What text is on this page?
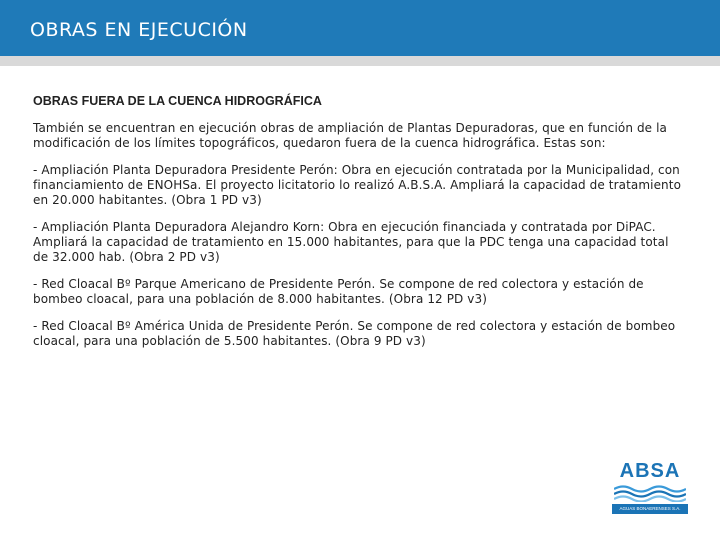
OBRAS EN EJECUCIÓN
OBRAS FUERA DE LA CUENCA HIDROGRÁFICA

También se encuentran en ejecución obras de ampliación de Plantas Depuradoras, que en función de la modificación de los límites topográficos, quedaron fuera de la cuenca hidrográfica. Estas son:

- Ampliación Planta Depuradora Presidente Perón: Obra en ejecución contratada por la Municipalidad, con financiamiento de ENOHSa. El proyecto licitatorio lo realizó A.B.S.A. Ampliará la capacidad de tratamiento en 20.000 habitantes. (Obra 1 PD v3)

- Ampliación Planta Depuradora Alejandro Korn: Obra en ejecución financiada y contratada por DiPAC. Ampliará la capacidad de tratamiento en 15.000 habitantes, para que la PDC tenga una capacidad total de 32.000 hab. (Obra 2 PD v3)

- Red Cloacal Bº Parque Americano de Presidente Perón. Se compone de red colectora y estación de bombeo cloacal, para una población de 8.000 habitantes. (Obra 12 PD v3)

- Red Cloacal Bº América Unida de Presidente Perón. Se compone de red colectora y estación de bombeo cloacal, para una población de 5.500 habitantes. (Obra 9 PD v3)

ABSA
AGUAS BONAERENSES S.A.
